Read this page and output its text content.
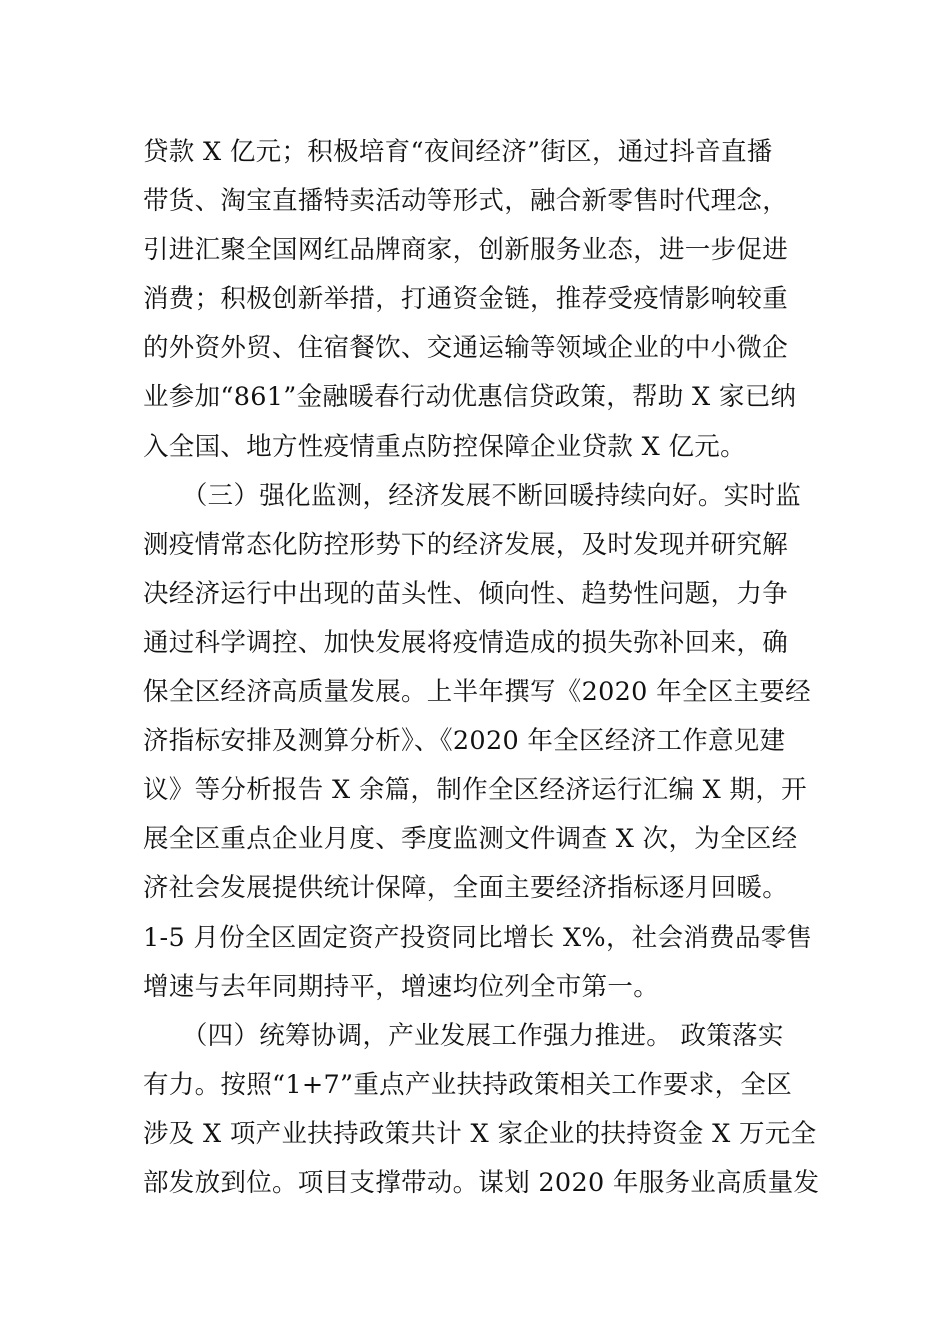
贷款 X 亿元；积极培育“夜间经济”街区，通过抖音直播
带货、淘宝直播特卖活动等形式，融合新零售时代理念，
引进汇聚全国网红品牌商家，创新服务业态，进一步促进
消费；积极创新举措，打通资金链，推荐受疫情影响较重
的外资外贸、住宿餐饮、交通运输等领域企业的中小微企
业参加“861”金融暖春行动优惠信贷政策，帮助 X 家已纳
入全国、地方性疫情重点防控保障企业贷款 X 亿元。
　　（三）强化监测，经济发展不断回暖持续向好。实时监
测疫情常态化防控形势下的经济发展，及时发现并研究解
决经济运行中出现的苗头性、倾向性、趋势性问题，力争
通过科学调控、加快发展将疫情造成的损失弥补回来，确
保全区经济高质量发展。上半年撰写《2020 年全区主要经
济指标安排及测算分析》、《2020 年全区经济工作意见建
议》等分析报告 X 余篇，制作全区经济运行汇编 X 期，开
展全区重点企业月度、季度监测文件调查 X 次，为全区经
济社会发展提供统计保障，全面主要经济指标逐月回暖。
1-5 月份全区固定资产投资同比增长 X%，社会消费品零售
增速与去年同期持平，增速均位列全市第一。
　　（四）统筹协调，产业发展工作强力推进。 政策落实
有力。按照“1+7”重点产业扶持政策相关工作要求，全区
涉及 X 项产业扶持政策共计 X 家企业的扶持资金 X 万元全
部发放到位。项目支撑带动。谋划 2020 年服务业高质量发
